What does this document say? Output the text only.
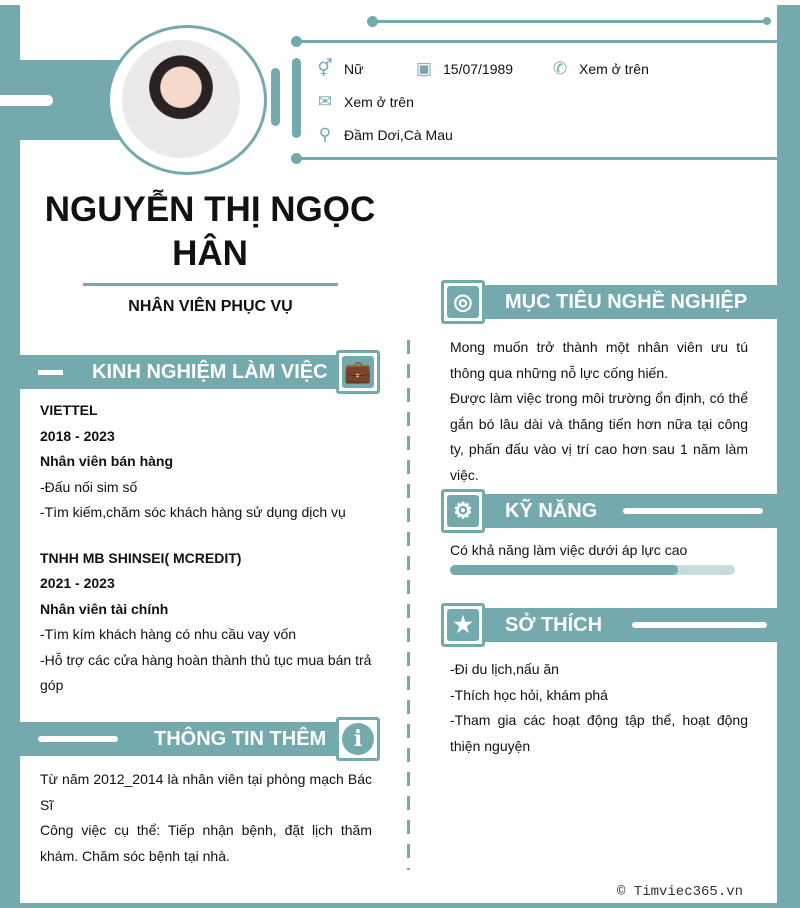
⚥ Nữ	▣ 15/07/1989 ✆ Xem ở trên
✉ Xem ở trên
⚲ Đầm Dơi,Cà Mau
NGUYỄN THỊ NGỌC HÂN
NHÂN VIÊN PHỤC VỤ
KINH NGHIỆM LÀM VIỆC 💼
VIETTEL
2018 - 2023
Nhân viên bán hàng
-Đấu nối sim số
-Tìm kiếm,chăm sóc khách hàng sử dụng dịch vụ
TNHH MB SHINSEI( MCREDIT)
2021 - 2023
Nhân viên tài chính
-Tìm kím khách hàng có nhu cầu vay vốn
-Hỗ trợ các cửa hàng hoàn thành thủ tục mua bán trả góp
THÔNG TIN THÊM	i
Từ năm 2012_2014 là nhân viên tại phòng mạch Bác Sĩ
Công việc cụ thể: Tiếp nhận bệnh, đặt lịch thăm khám. Chăm sóc bệnh tại nhà.
MỤC TIÊU NGHỀ NGHIỆP
◎
Mong muốn trở thành một nhân viên ưu tú thông qua những nỗ lực cống hiến.
Được làm việc trong môi trường ổn định, có thể gắn bó lâu dài và thăng tiến hơn nữa tại công ty, phấn đấu vào vị trí cao hơn sau 1 năm làm việc.
KỸ NĂNG
⚙
Có khả năng làm việc dưới áp lực cao
SỞ THÍCH
★
-Đi du lịch,nấu ăn
-Thích học hỏi, khám phá
-Tham gia các hoạt động tập thể, hoạt động thiện nguyện
© Timviec365.vn
